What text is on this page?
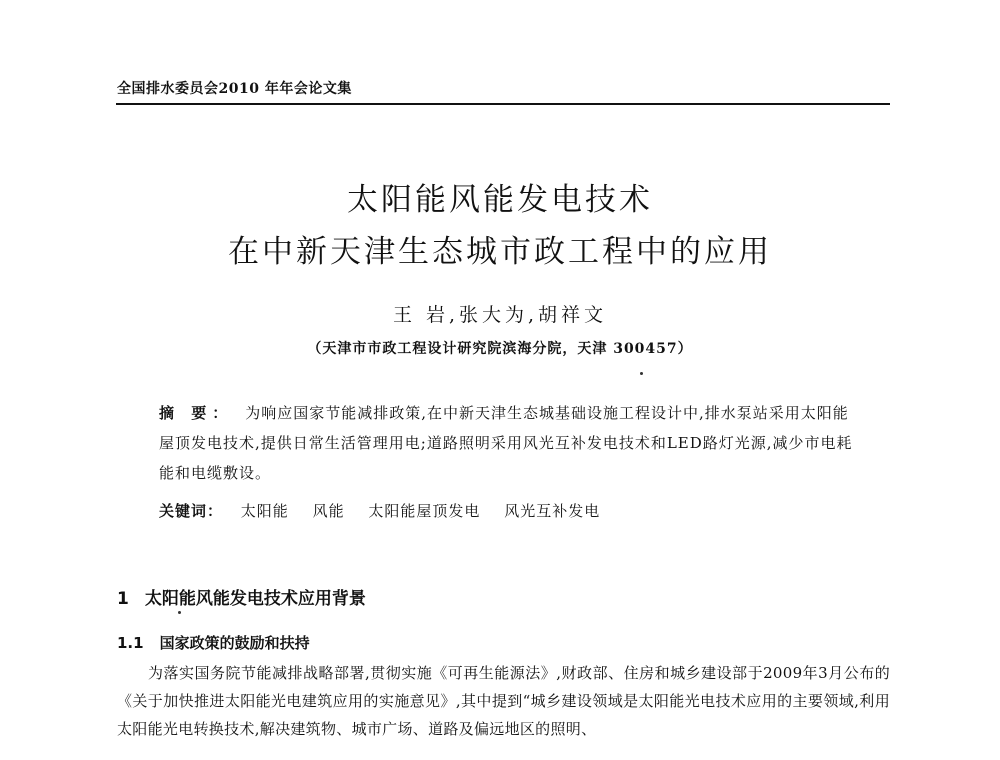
全国排水委员会2010 年年会论文集
太阳能风能发电技术
在中新天津生态城市政工程中的应用
王 岩,张大为,胡祥文
（天津市市政工程设计研究院滨海分院，天津 300457）
摘 要： 为响应国家节能减排政策,在中新天津生态城基础设施工程设计中,排水泵站采用太阳能屋顶发电技术,提供日常生活管理用电;道路照明采用风光互补发电技术和LED路灯光源,减少市电耗能和电缆敷设。
关键词： 太阳能 风能 太阳能屋顶发电 风光互补发电
1 太阳能风能发电技术应用背景
1.1 国家政策的鼓励和扶持
为落实国务院节能减排战略部署,贯彻实施《可再生能源法》,财政部、住房和城乡建设部于2009年3月公布的《关于加快推进太阳能光电建筑应用的实施意见》,其中提到“城乡建设领域是太阳能光电技术应用的主要领域,利用太阳能光电转换技术,解决建筑物、城市广场、道路及偏远地区的照明、
